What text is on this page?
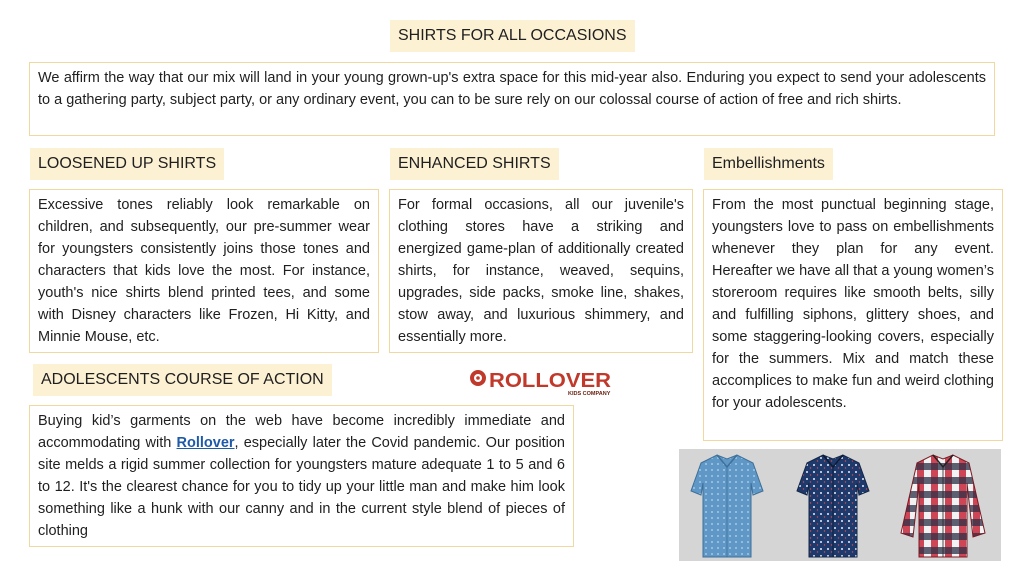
SHIRTS FOR ALL OCCASIONS
We affirm the way that our mix will land in your young grown-up's extra space for this mid-year also. Enduring you expect to send your adolescents to a gathering party, subject party, or any ordinary event, you can to be sure rely on our colossal course of action of free and rich shirts.
LOOSENED UP SHIRTS
Excessive tones reliably look remarkable on children, and subsequently, our pre-summer wear for youngsters consistently joins those tones and characters that kids love the most. For instance, youth's nice shirts blend printed tees, and some with Disney characters like Frozen, Hi Kitty, and Minnie Mouse, etc.
ENHANCED SHIRTS
For formal occasions, all our juvenile's clothing stores have a striking and energized game-plan of additionally created shirts, for instance, weaved, sequins, upgrades, side packs, smoke line, shakes, stow away, and luxurious shimmery, and essentially more.
Embellishments
From the most punctual beginning stage, youngsters love to pass on embellishments whenever they plan for any event. Hereafter we have all that a young women’s storeroom requires like smooth belts, silly and fulfilling siphons, glittery shoes, and some staggering-looking covers, especially for the summers. Mix and match these accomplices to make fun and weird clothing for your adolescents.
ADOLESCENTS COURSE OF ACTION
Buying kid’s garments on the web have become incredibly immediate and accommodating with Rollover, especially later the Covid pandemic. Our position site melds a rigid summer collection for youngsters mature adequate 1 to 5 and 6 to 12. It's the clearest chance for you to tidy up your little man and make him look something like a hunk with our canny and in the current style blend of pieces of clothing
ROLLOVER
KIDS COMPANY
